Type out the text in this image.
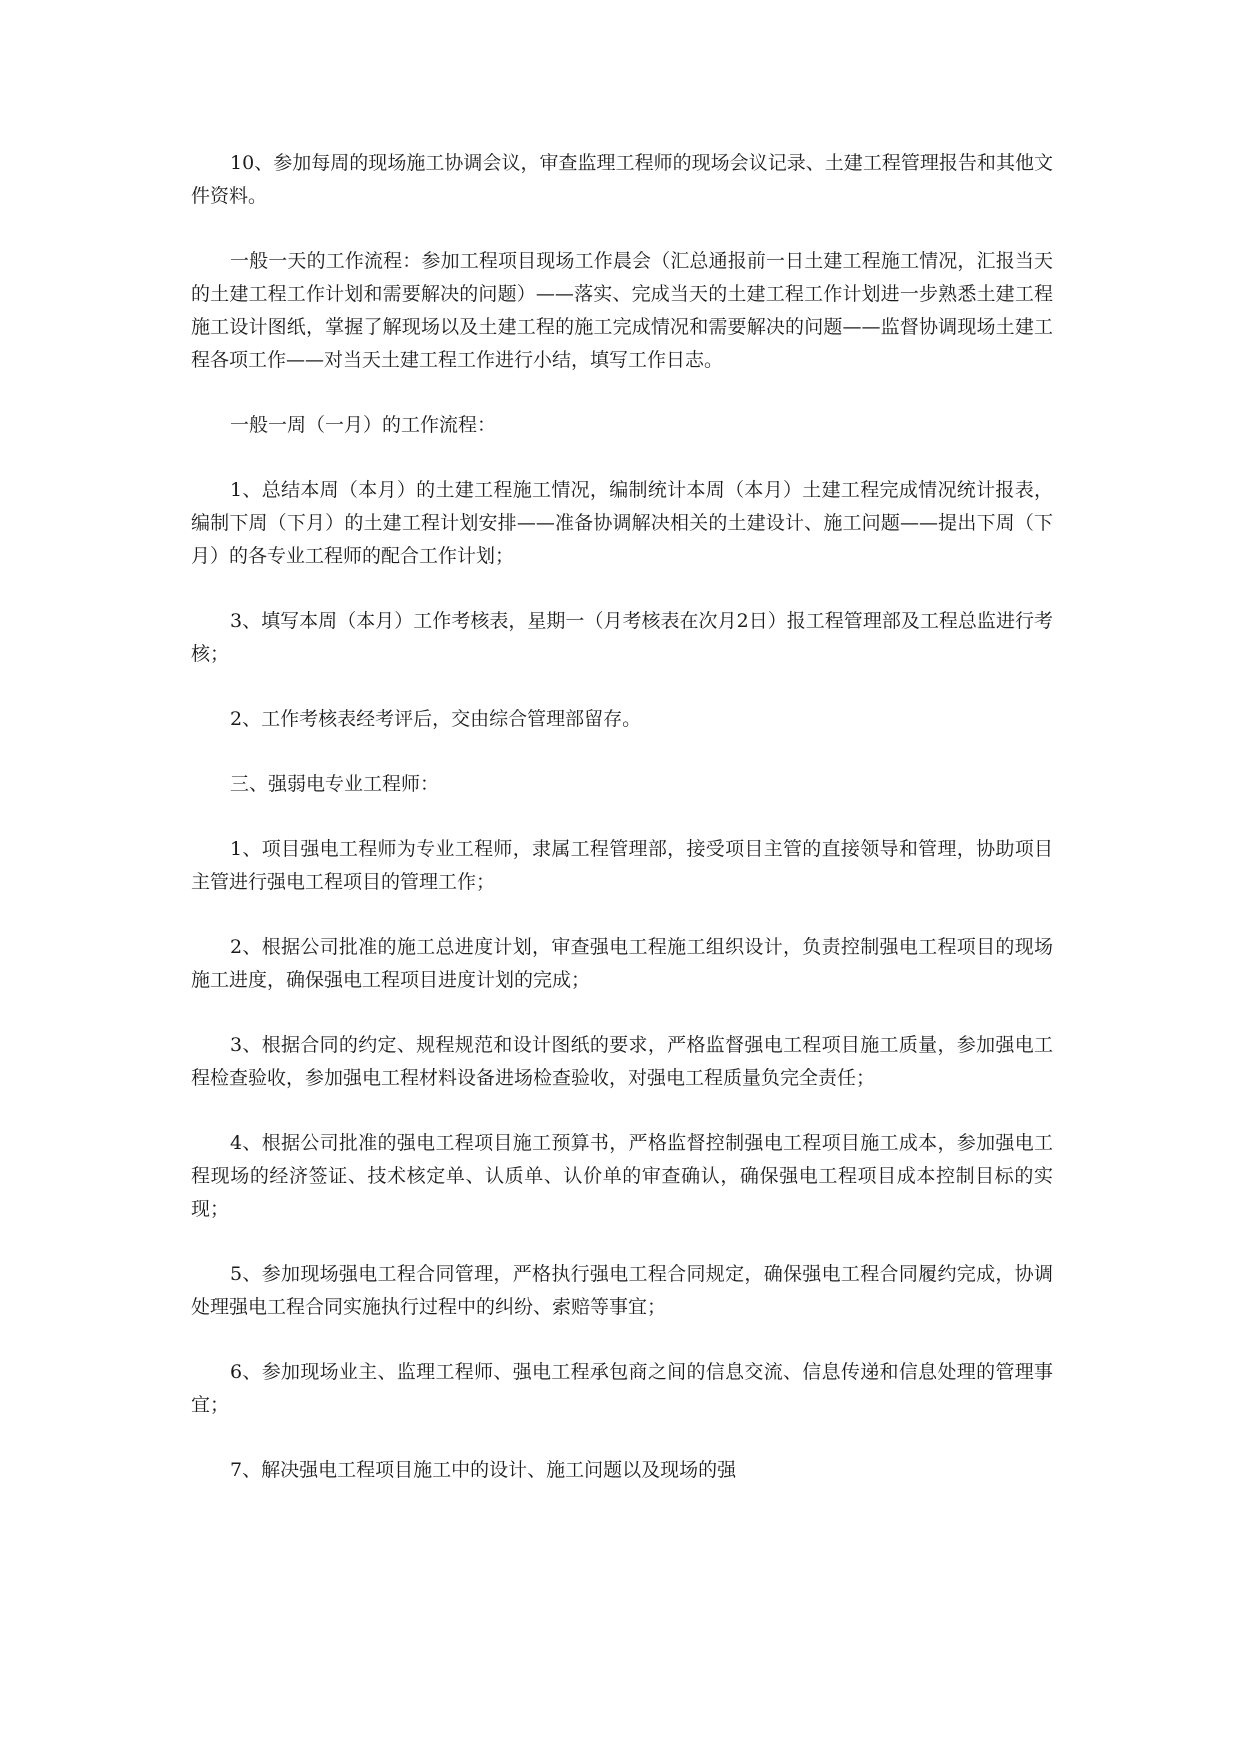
10、参加每周的现场施工协调会议，审查监理工程师的现场会议记录、土建工程管理报告和其他文件资料。

一般一天的工作流程：参加工程项目现场工作晨会（汇总通报前一日土建工程施工情况，汇报当天的土建工程工作计划和需要解决的问题）——落实、完成当天的土建工程工作计划进一步熟悉土建工程施工设计图纸，掌握了解现场以及土建工程的施工完成情况和需要解决的问题——监督协调现场土建工程各项工作——对当天土建工程工作进行小结，填写工作日志。

一般一周（一月）的工作流程：

1、总结本周（本月）的土建工程施工情况，编制统计本周（本月）土建工程完成情况统计报表，编制下周（下月）的土建工程计划安排——准备协调解决相关的土建设计、施工问题——提出下周（下月）的各专业工程师的配合工作计划；

3、填写本周（本月）工作考核表，星期一（月考核表在次月2日）报工程管理部及工程总监进行考核；

2、工作考核表经考评后，交由综合管理部留存。

三、强弱电专业工程师：

1、项目强电工程师为专业工程师，隶属工程管理部，接受项目主管的直接领导和管理，协助项目主管进行强电工程项目的管理工作；

2、根据公司批准的施工总进度计划，审查强电工程施工组织设计，负责控制强电工程项目的现场施工进度，确保强电工程项目进度计划的完成；

3、根据合同的约定、规程规范和设计图纸的要求，严格监督强电工程项目施工质量，参加强电工程检查验收，参加强电工程材料设备进场检查验收，对强电工程质量负完全责任；

4、根据公司批准的强电工程项目施工预算书，严格监督控制强电工程项目施工成本，参加强电工程现场的经济签证、技术核定单、认质单、认价单的审查确认，确保强电工程项目成本控制目标的实现；

5、参加现场强电工程合同管理，严格执行强电工程合同规定，确保强电工程合同履约完成，协调处理强电工程合同实施执行过程中的纠纷、索赔等事宜；

6、参加现场业主、监理工程师、强电工程承包商之间的信息交流、信息传递和信息处理的管理事宜；

7、解决强电工程项目施工中的设计、施工问题以及现场的强
